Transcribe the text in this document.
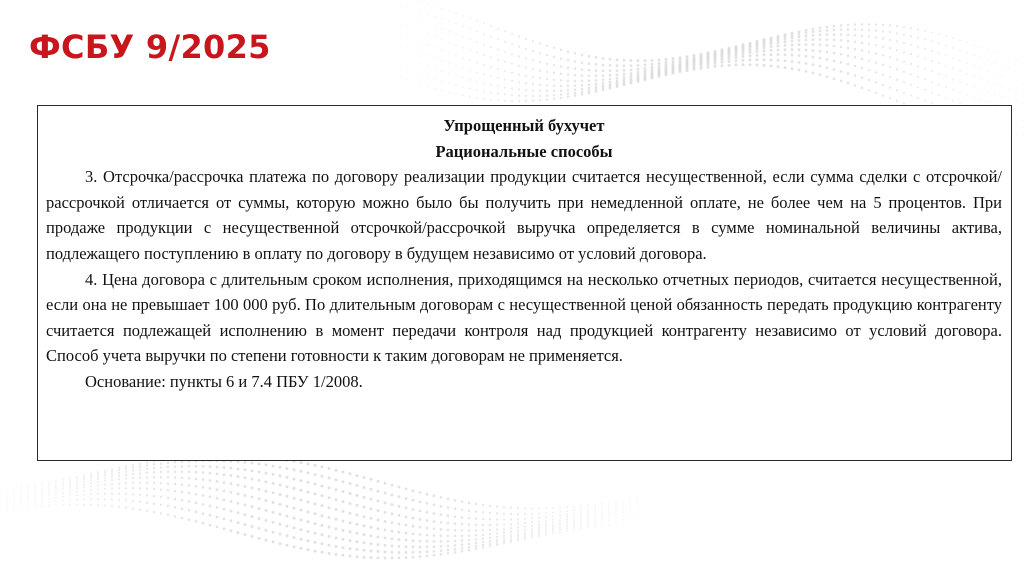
ФСБУ 9/2025

Упрощенный бухучет

Рациональные способы

3. Отсрочка/рассрочка платежа по договору реализации продукции считается несущественной, если сумма сделки с отсрочкой/рассрочкой отличается от суммы, которую можно было бы получить при немедленной оплате, не более чем на 5 процентов. При продаже продукции с несущественной отсрочкой/рассрочкой выручка определяется в сумме номинальной величины актива, подлежащего поступлению в оплату по договору в будущем независимо от условий договора.

4. Цена договора с длительным сроком исполнения, приходящимся на несколько отчетных периодов, считается несущественной, если она не превышает 100 000 руб. По длительным договорам с несущественной ценой обязанность передать продукцию контрагенту считается подлежащей исполнению в момент передачи контроля над продукцией контрагенту независимо от условий договора. Способ учета выручки по степени готовности к таким договорам не применяется.

Основание: пункты 6 и 7.4 ПБУ 1/2008.
